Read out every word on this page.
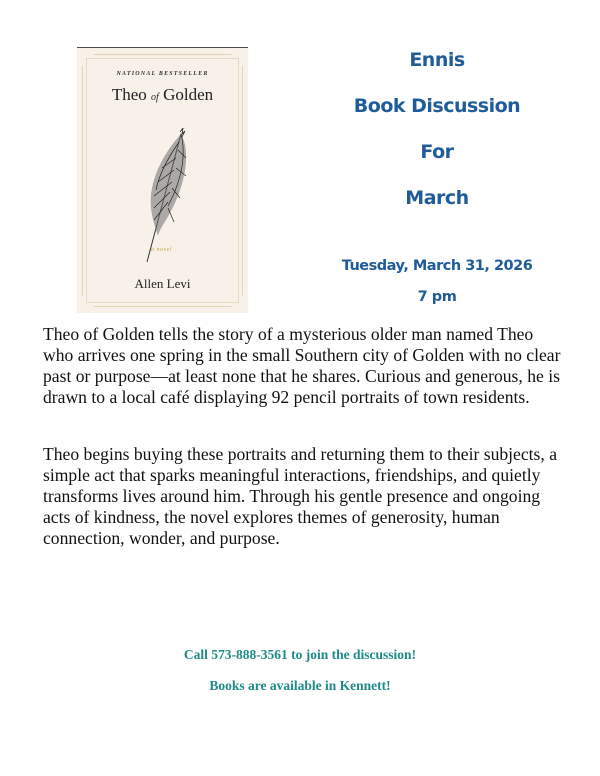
NATIONAL BESTSELLER
Theo of Golden
a novel
Allen Levi
Ennis
Book Discussion
For
March
Tuesday, March 31, 2026
7 pm

Theo of Golden tells the story of a mysterious older man named Theo who arrives one spring in the small Southern city of Golden with no clear past or purpose—at least none that he shares. Curious and generous, he is drawn to a local café displaying 92 pencil portraits of town residents.

Theo begins buying these portraits and returning them to their subjects, a simple act that sparks meaningful interactions, friendships, and quietly transforms lives around him. Through his gentle presence and ongoing acts of kindness, the novel explores themes of generosity, human connection, wonder, and purpose.

Call 573-888-3561 to join the discussion!
Books are available in Kennett!
